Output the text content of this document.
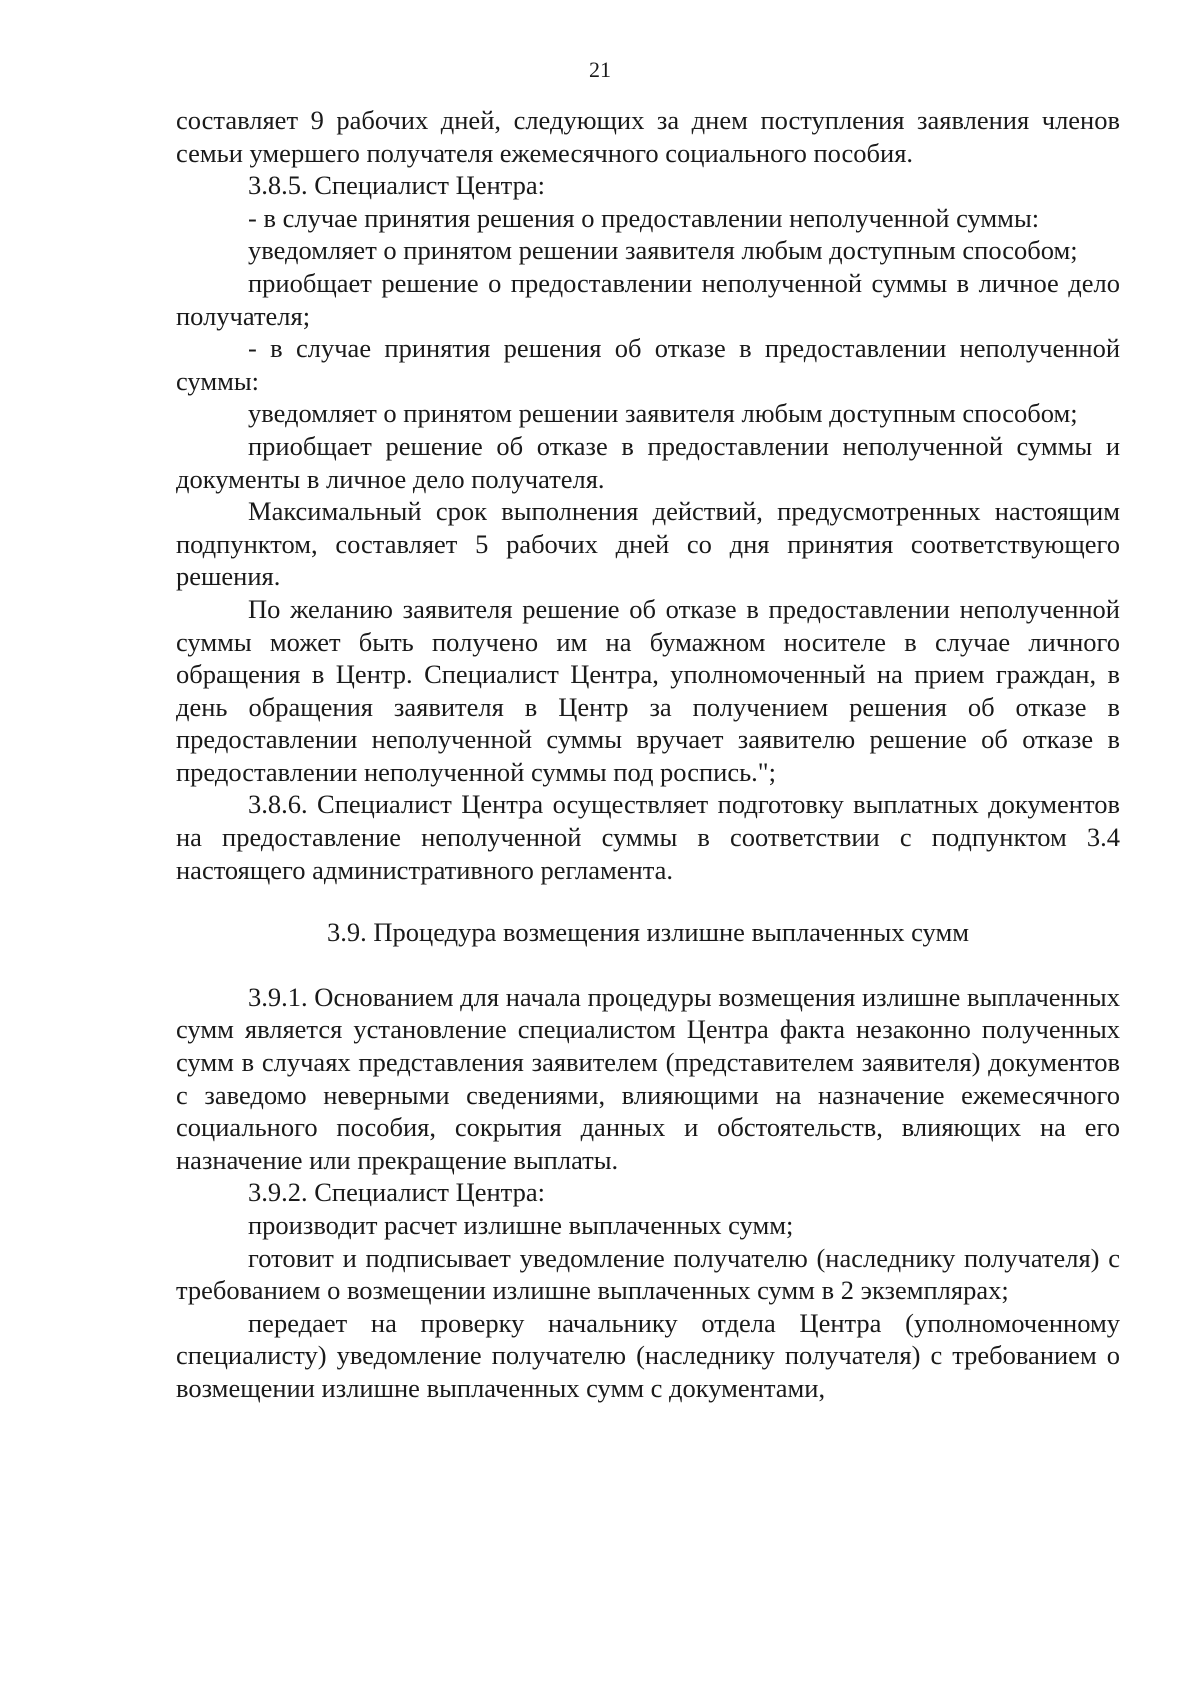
21

составляет 9 рабочих дней, следующих за днем поступления заявления членов семьи умершего получателя ежемесячного социального пособия.

3.8.5. Специалист Центра:

- в случае принятия решения о предоставлении неполученной суммы:

уведомляет о принятом решении заявителя любым доступным способом;

приобщает решение о предоставлении неполученной суммы в личное дело получателя;

- в случае принятия решения об отказе в предоставлении неполученной суммы:

уведомляет о принятом решении заявителя любым доступным способом;

приобщает решение об отказе в предоставлении неполученной суммы и документы в личное дело получателя.

Максимальный срок выполнения действий, предусмотренных настоящим подпунктом, составляет 5 рабочих дней со дня принятия соответствующего решения.

По желанию заявителя решение об отказе в предоставлении неполученной суммы может быть получено им на бумажном носителе в случае личного обращения в Центр. Специалист Центра, уполномоченный на прием граждан, в день обращения заявителя в Центр за получением решения об отказе в предоставлении неполученной суммы вручает заявителю решение об отказе в предоставлении неполученной суммы под роспись.";

3.8.6. Специалист Центра осуществляет подготовку выплатных документов на предоставление неполученной суммы в соответствии с подпунктом 3.4 настоящего административного регламента.

3.9. Процедура возмещения излишне выплаченных сумм

3.9.1. Основанием для начала процедуры возмещения излишне выплаченных сумм является установление специалистом Центра факта незаконно полученных сумм в случаях представления заявителем (представителем заявителя) документов с заведомо неверными сведениями, влияющими на назначение ежемесячного социального пособия, сокрытия данных и обстоятельств, влияющих на его назначение или прекращение выплаты.

3.9.2. Специалист Центра:

производит расчет излишне выплаченных сумм;

готовит и подписывает уведомление получателю (наследнику получателя) с требованием о возмещении излишне выплаченных сумм в 2 экземплярах;

передает на проверку начальнику отдела Центра (уполномоченному специалисту) уведомление получателю (наследнику получателя) с требованием о возмещении излишне выплаченных сумм с документами,
